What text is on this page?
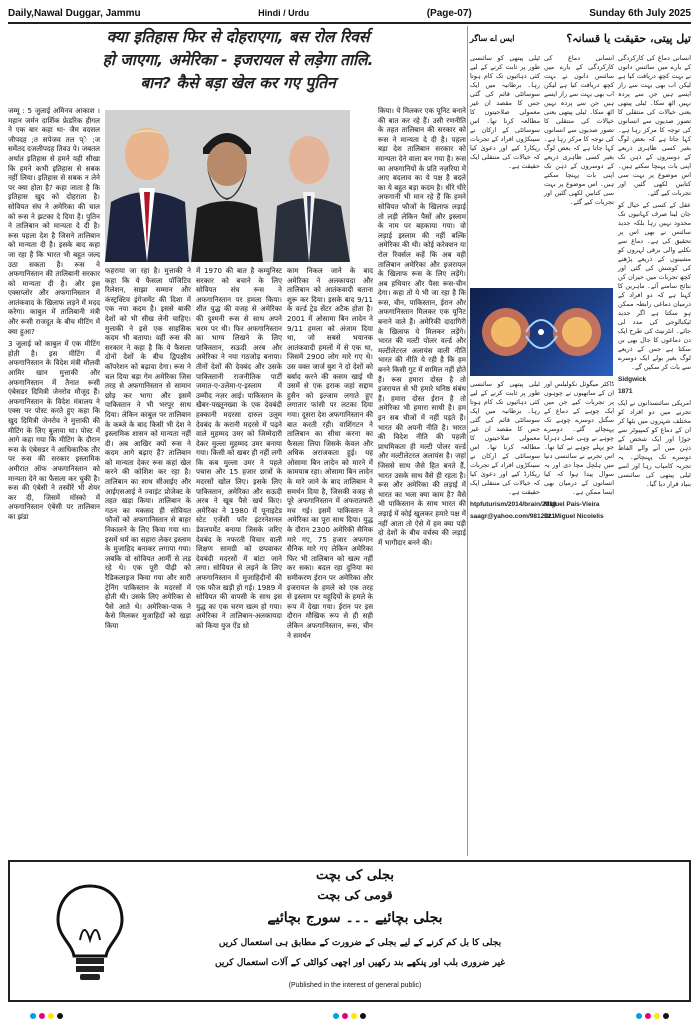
Daily,Nawal Duggar, Jammu	Hindi / Urdu	(Page-07)	Sunday 6th July 2025
क्या इतिहास फिर से दोहराएगा, बस रोल रिवर्स
हो जाएगा, अमेरिका - इजरायल से लड़ेगा तालि.
बान? कैसे बड़ा खेल कर गए पुतिन

जम्मू : 5 जुलाई अमिनव आकाश । महान जर्मन दार्शिक फ्रेडरिक हीगल ने एक बार कहा था- जैम वदसल जीपदह ;त सपेजव तल प्े ;ज समेंतद दजलीपदह तिवउ पे। जबतल अर्थात इतिहास से हमने यही सीखा कि हमने कभी इतिहास से सबक नहीं लिया। इतिहास से सबक न लेने पर क्या होता है? कहा जाता है कि इतिहास खुद को दोहराता है। सोवियत संघ ने अमेरिका की चाल को रूस ने झटका दे दिया है। पुतिन ने तालिबान को मान्यता दे दी है। रूस पहला देश है जिसने तालिबान को मान्यता दी है। इसके बाद कहा जा रहा है कि भारत भी बहुत जल्द उठा सकता है। रूस ने अफगानिस्तान की तालिबानी सरकार को मान्यता दी है। और इस एक्सप्लोर और अफगानिस्तान में आतंकवाद के खिलाफ लड़ने में मदद करेगा। काबुल में तालिबानी मंत्री और रूसी राजदूत के बीच मीटिंग में क्या हुआ?

3 जुलाई को काबुल में एक मीटिंग होती है। इस मीटिंग में अफगानिस्तान के विदेश मंत्री मौलवी आमिर खान मुत्ताकी और अफगानिस्तान में तैनात रूसी एंबेसडर दिमित्री जेनरोव मौजूद हैं। अफगानिस्तान के विदेश मंत्रालय ने एक्स पर पोस्ट करते हुए कहा कि खुद दिमित्री जेनरोव ने मुत्ताकी की मीटिंग के लिए बुलाया था। पोस्ट में आगे कहा गया कि मीटिंग के दौरान रूस के एंबेसडर ने आधिकारिक तौर पर रूस की सरकार इस्लामिक अमीरात ऑफ अफगानिस्तान को मान्यता देने का फैसला कर चुकी है। रूस की एंबेसी ने तस्वीरें भी शेयर कर दी, जिसमें मॉस्को में अफगानिस्तान एंबेसी पर तालिबान का झंडा

फहराया जा रहा है। मुत्ताकी ने कहा कि ये फैसला पॉजिटिव रिलेशन, साझा सम्मान और कंस्ट्रक्टिव इंगेजमेंट की दिशा में एक नया कदम है। इससे बाकी देशों को भी सीख लेनी चाहिए। मुत्ताकी ने इसे एक साहसिक कदम भी बताया। वहीं रूस की सरकार ने कहा है कि ये फैसला दोनों देशों के बीच द्विपक्षीय कॉपरेशन को बढ़ावा देगा। रूस ने चल दिया बड़ा गेम अमेरिका जिस तरह से अफगानिस्तान से सामान छोड़ कर भागा और इसमें पाकिस्तान ने भी भरपूर साथ दिया। लेकिन काबुल पर तालिबान के कब्जे के बाद किसी भी देश ने इस्लामिक शासन को मान्यता नहीं दी। अब आखिर क्यों रूस ने कदम आगे बढ़ाए हैं? तालिबान को मान्यता देकर रूस कहां खेल करने की कोशिश कर रहा है। तालिबान का साथ सीआईए और आईएसआई ने ज्वाइंट प्रोजेक्ट के तहत खड़ा किया। तालिबान के गठन का मकसद ही सोवियत फौजों को अफगानिस्तान से बाहर निकालने के लिए किया गया था। इसमें धर्म का सहारा लेकर इस्लाम के मुजाहिद बनाकर लगाया गया। जबकि वो सोवियत आर्मी से लड़ रहे थे। एक पूरी पीढ़ी को रैडिकलाइज किया गया और सारी ट्रेनिंग पाकिस्तान के मदरसों में होती थी। उसके लिए अमेरिका से पैसे आते थे। अमेरिका-पाक ने कैसे मिलकर मुजाहिदों को खड़ा किया

में 1970 की बात है कम्युनिस्ट सरकार को बचाने के लिए सोवियत संघ रूस ने अफगानिस्तान पर हमला किया। शीत युद्ध की वजह से अमेरिका की दुश्मनी रूस से साथ अपने चरम पर थी। फिर अफगानिस्तान का भाग्य लिखने के लिए पाकिस्तान, सऊदी अरब और अमेरिका ने नया गठजोड़ बनाया। तीनों देशों की देवबंद और उसके पाकिस्तानी राजनीतिक पार्टी जमात-ए-उलेमा-ए-इस्लाम में उम्मीद नज़र आई। पाकिस्तान के खैबर-पख्तूनख्वा के एक देवबंदी हक्कानी मदरसा दारुल उलूम देवबंद के करानी मदरसे में पढ़ने वाले मुहम्मद उमर को जिम्मेदारी देकर मुल्ला मुहम्मद उमर बनाया गया। किसी को खबर ही नहीं लगी कि कब मुल्ला उमर ने पहले पचास और 15 हजार छात्रों के मदरसों खोल लिए। इसके लिए पाकिस्तान, अमेरिका और सऊदी अरब ने खूब पैसे खर्च किए। अमेरिका ने 1980 में यूनाइटेड स्टेट एजेंसी फॉर इंटरनेशनल डेवलपमेंट बनाया जिसके जरिए देवबंद के नफरती विचार वाली शिक्षण सामग्री को छपवाकर देवबंदी मदरसों में बांटा जाने लगा। सोवियत से लड़ने के लिए अफगानिस्तान में मुजाहिदीनों की एक फौज खड़ी हो गई। 1989 में सोवियत की वापसी के साथ इस युद्ध का एक चरण खत्म हो गया। अमेरिका ने तालिबान-अलकायदा को किया युज ऐंड थ्रो

काम निकल जाने के बाद अमेरिका ने अलकायदा और तालिबान को आतंकवादी बताना शुरू कर दिया। इसके बाद 9/11 के वर्ल्ड ट्रेड सेंटर अटैक होता है। 2001 में ओसामा बिन लादेन ने 9/11 हमला को अंजाम दिया था, जो सबसे भयानक आतंकवादी हमलों में से एक था, जिसमें 2900 लोग मारे गए थे। उस वक्त जार्ज बुश ने दो देशों को बर्बाद करने की कसम खाई थी उसमें से एक इराक जहां सद्दाम हुसैन को इल्जाम लगाते हुए लगातार फांसी पर लटका दिया गया। दूसरा देश अफगानिस्तान की बात करती रही। वाशिंगटन ने तालिबान का सीधा करना का फैसला लिया जिसके केवल और अधिक अराजकता हुई। यह ओसामा बिन लादेन को मारने में कामयाब रहा। ओसामा बिन लादेन के मारे जाने के बाद तालिबान ने समर्थन दिया है, जिसकी वजह से पूरे अफगानिस्तान में अफरातफरी मच गई। इसमें पाकिस्तान ने अमेरिका का पूरा साथ दिया। युद्ध के दौरान 2300 अमेरिकी सैनिक मारे गए, 75 हजार अफगान सैनिक मारे गए लेकिन अमेरिका फिर भी तालिबान को खत्म नहीं कर सका। बदल रहा दुनिया का समीकरण ईरान पर अमेरिका और इजरायल के हमले को एक तरह से इस्लाम पर यहूदियों के हमले के रूप में देखा गया। ईरान पर इस दौरान मौखिक रूप से ही सही लेकिन अफगानिस्तान, रूस, चीन ने समर्थन

किया। ये मिलकर एक यूनिट बनाने की बात कर रहे हैं। उसी रणनीति के तहत तालिबान की सरकार को रूस ने मान्यता दे दी है। पहला बड़ा देश तालिबान सरकार को मान्यता देने वाला बन गया है। रूस का अफगानियों के प्रति नज़रिया में आए बदलाव का ये पक्ष है बदले का ये बहुत बड़ा कदम है। धीरे धीरे अफगानी भी मान रहे हैं कि हमने सोवियत फौजों के खिलाफ लड़ाई तो लड़ी लेकिन पैसों और इस्लाम के नाम पर बहकाया गया। वो लड़ाई इस्लाम की नहीं बल्कि अमेरिका की थी। कोई करेक्शन या रोल रिवर्सल कहें कि अब वही तालिबान अमेरिका और इजरायल के खिलाफ रूस के लिए लड़ेंगे। अब हथियार और पैसा रूस-चीन देगा। कहा तो ये भी जा रहा है कि रूस, चीन, पाकिस्तान, ईरान और अफगानिस्तान मिलकर एक यूनिट बनाने वाले हैं। अमेरिकी दादागिरी के खिलाफ ये मिलकर लड़ेंगे। भारत की मल्टी पोलर वर्ल्ड और मल्टीलेटरल अलायंस वाली नीति भारत की नीति ये रही है कि हम बनने किसी गुट में शामिल नहीं होते हैं। रूस हमारा दोस्त है तो इजरायल से भी हमारे घनिष्ठ संबंध हैं। हमारा दोस्त ईरान है तो अमेरिका भी हमारा साथी है। हम इन सब चीजों में नहीं पड़ते हैं। भारत की अपनी नीति है। भारत की विदेश नीति की पहली प्राथमिकता ही मल्टी पोलर वर्ल्ड और मल्टीलेटरल अलायंस है। जहां जिससे साथ जैसे हित बनते हैं, भारत उसके साथ वैसे ही रहता है। रूस और अमेरिका की लड़ाई में भारत का भला क्या काम है? वैसे भी पाकिस्तान के साथ भारत की लड़ाई में कोई खुलकर हमारे पक्ष में नहीं आता तो ऐसे में हम क्या पड़ी दो देशों के बीच वर्चस्व की लड़ाई में भागीदार बनने की।

تیل پیتی، حقیقت یا قسانہ؟
ایس اے ساگر

انسانی دماغ کی کارکردگی کے بارے میں سائنس دانوں نے بہت کچھ دریافت کیا ہے لیکن اب بھی بہت سے راز ایسے ہیں جن سے پردہ نہیں اٹھ سکا۔ ٹیلی پیتھی یعنی خیالات کی منتقلی کا تصور صدیوں سے انسانوں کی توجہ کا مرکز رہا ہے۔ کہا جاتا ہے کہ بعض لوگ بغیر کسی ظاہری ذریعے کے دوسروں کے ذہن تک اپنی بات پہنچا سکتے ہیں۔ اس موضوع پر بہت سی کتابیں لکھی گئیں اور تجربات کیے گئے۔

عقل کے کسی کے خیال کو جان لینا صرف کہانیوں تک محدود نہیں رہا بلکہ جدید سائنس نے بھی اس پر تحقیق کی ہے۔ دماغ سے نکلنے والی برقی لہروں کو مشینوں کے ذریعے پڑھنے کی کوشش کی گئی اور کچھ تجربات میں حیران کن نتائج سامنے آئے۔ ماہرین کا کہنا ہے کہ دو افراد کے درمیان دماغی رابطہ ممکن ہو سکتا ہے اگر جدید ٹیکنالوجی کی مدد لی جائے۔ انٹرنیٹ کی طرح ایک دن دماغوں کا جال بھی بن سکتا ہے جس کے ذریعے لوگ بغیر بولے ایک دوسرے سے بات کر سکیں گے۔

Sidgwick

1871

امریکی سائنسدانوں نے ایک تجربے میں دو افراد کو مختلف شہروں میں بٹھا کر ان کے دماغ کو کمپیوٹر سے جوڑا اور ایک شخص کے ذہن میں آنے والے الفاظ دوسرے تک پہنچائے۔ یہ تجربہ کامیاب رہا اور اسے ٹیلی پیتھی کی سائنسی بنیاد قرار دیا گیا۔

انسانی دماغ کی کارکردگی کے بارے میں سائنس دانوں نے بہت کچھ دریافت کیا ہے لیکن اب بھی بہت سے راز ایسے ہیں جن سے پردہ نہیں اٹھ سکا۔ ٹیلی پیتھی یعنی خیالات کی منتقلی کا تصور صدیوں سے انسانوں کی توجہ کا مرکز رہا ہے۔ کہا جاتا ہے کہ بعض لوگ بغیر کسی ظاہری ذریعے کے دوسروں کے ذہن تک اپنی بات پہنچا سکتے ہیں۔ اس موضوع پر بہت سی کتابیں لکھی گئیں اور تجربات کیے گئے۔

ٹیلی پیتھی کو سائنسی طور پر ثابت کرنے کے لیے کئی دہائیوں تک کام ہوتا رہا۔ برطانیہ میں ایک سوسائٹی قائم کی گئی جس کا مقصد ان غیر معمولی صلاحیتوں کا مطالعہ کرنا تھا۔ اس سوسائٹی کے ارکان نے سینکڑوں افراد کے تجربات ریکارڈ کیے اور دعویٰ کیا کہ خیالات کی منتقلی ایک حقیقت ہے۔

ڈاکٹر میگوئل نکولیلس اور ان کے ساتھیوں نے چوہوں پر تجربات کیے جن میں ایک چوہے کے دماغ کے سگنل دوسرے چوہے تک پہنچائے گئے۔ دوسرے چوہے نے وہی عمل دہرایا جو پہلے چوہے نے کیا تھا۔ اس تجربے نے سائنسی دنیا میں ہلچل مچا دی اور یہ سوال پیدا ہوا کہ کیا انسانوں کے درمیان بھی ایسا ممکن ہے۔

Miguel Pais-Vieira

Dr. Miguel Nicolelis

ٹیلی پیتھی کو سائنسی طور پر ثابت کرنے کے لیے کئی دہائیوں تک کام ہوتا رہا۔ برطانیہ میں ایک سوسائٹی قائم کی گئی جس کا مقصد ان غیر معمولی صلاحیتوں کا مطالعہ کرنا تھا۔ اس سوسائٹی کے ارکان نے سینکڑوں افراد کے تجربات ریکارڈ کیے اور دعویٰ کیا کہ خیالات کی منتقلی ایک حقیقت ہے۔

htpfuturism/2014/brain/2018

saagr@yahoo.com/9812121

بجلی کی بچت
قومی کی بچت
بجلی بچائیے ۔۔۔ سورج بچائیے
بجلی کا بل کم کرنے کے لیے بجلی کے ضرورت کے مطابق ہی استعمال کریں
غیر ضروری بلب اور پنکھے بند رکھیں اور اچھی کوالٹی کے آلات استعمال کریں
(Published in the interest of general public)
